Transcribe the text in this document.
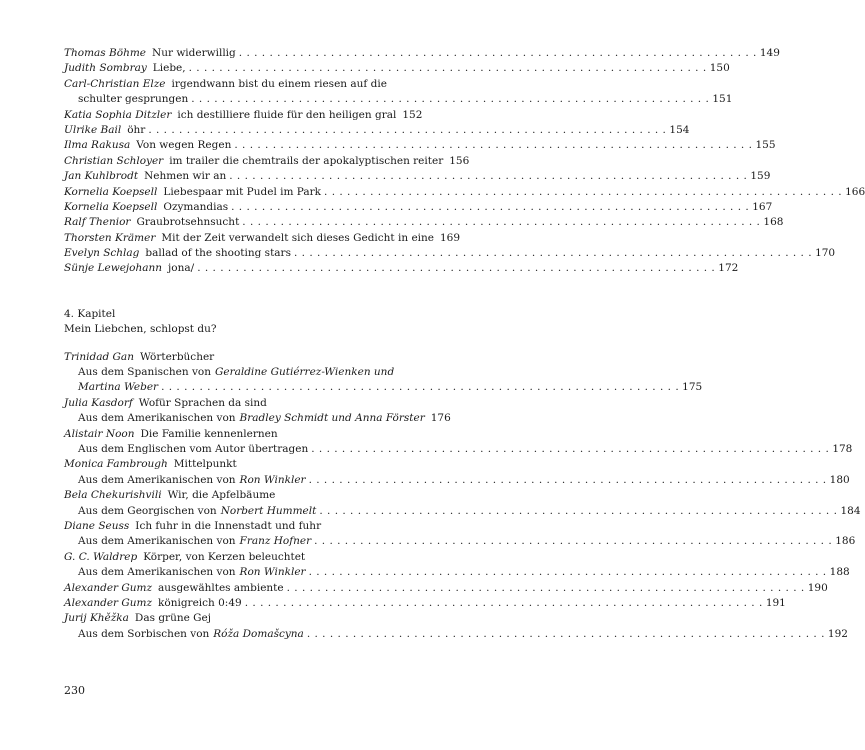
Thomas Böhme Nur widerwillig . . .	149
Judith Sombray Liebe, . . .	150
Carl-Christian Elze irgendwann bist du einem riesen auf die
schulter gesprungen . . .	151
Katia Sophia Ditzler ich destilliere fluide für den heiligen gral 152
Ulrike Bail öhr . . .	154
Ilma Rakusa Von wegen Regen . . .	155
Christian Schloyer im trailer die chemtrails der apokalyptischen reiter 156
Jan Kuhlbrodt Nehmen wir an . . .	159
Kornelia Koepsell Liebespaar mit Pudel im Park . . .	166
Kornelia Koepsell Ozymandias . . .	167
Ralf Thenior Graubrotsehnsucht . . .	168
Thorsten Krämer Mit der Zeit verwandelt sich dieses Gedicht in eine 169
Evelyn Schlag ballad of the shooting stars . . .	170
Sünje Lewejohann jona/ . . .	172
4. Kapitel
Mein Liebchen, schlopst du?
Trinidad Gan Wörterbücher
Aus dem Spanischen von Geraldine Gutiérrez-Wienken und
Martina Weber . . .	175
Julia Kasdorf Wofür Sprachen da sind
Aus dem Amerikanischen von Bradley Schmidt und Anna Förster 176
Alistair Noon Die Familie kennenlernen
Aus dem Englischen vom Autor übertragen . . .	178
Monica Fambrough Mittelpunkt
Aus dem Amerikanischen von Ron Winkler . . .	180
Bela Chekurishvili Wir, die Apfelbäume
Aus dem Georgischen von Norbert Hummelt . . .	184
Diane Seuss Ich fuhr in die Innenstadt und fuhr
Aus dem Amerikanischen von Franz Hofner . . .	186
G. C. Waldrep Körper, von Kerzen beleuchtet
Aus dem Amerikanischen von Ron Winkler . . .	188
Alexander Gumz ausgewähltes ambiente . . .	190
Alexander Gumz königreich 0:49 . . .	191
Jurij Khěžka Das grüne Gej
Aus dem Sorbischen von Róža Domašcyna . . .	192
230
